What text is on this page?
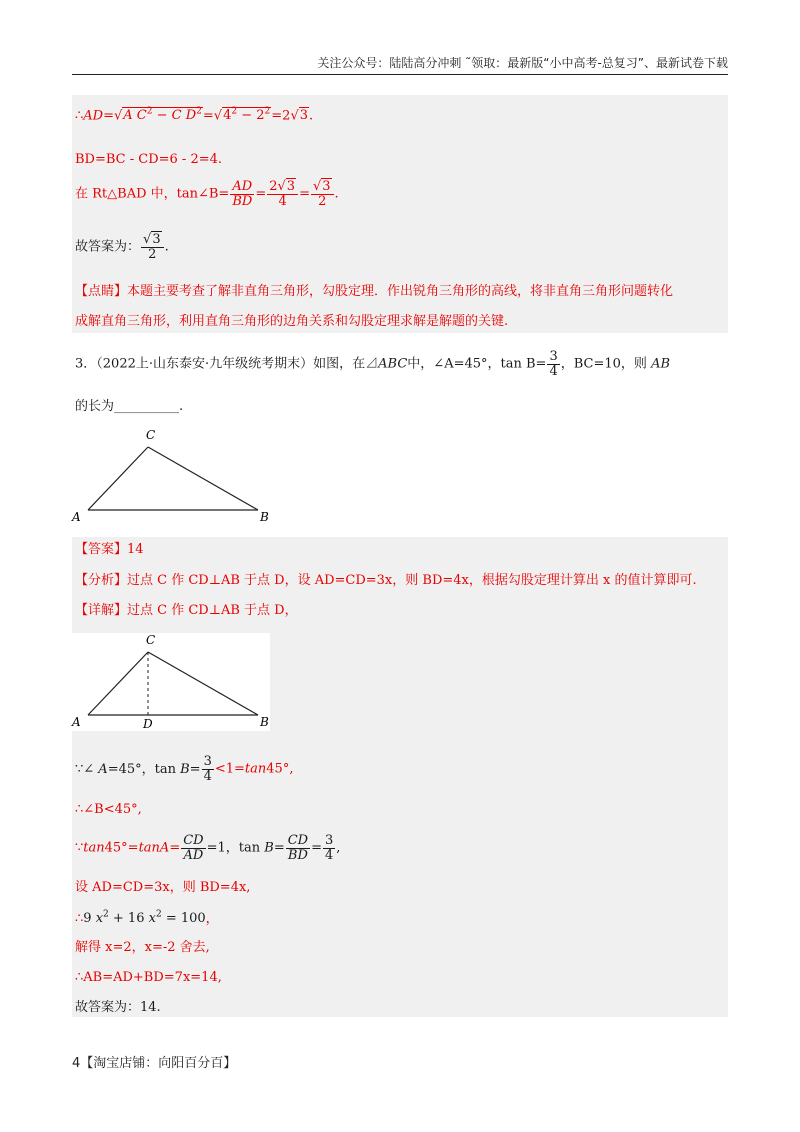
关注公众号：陆陆高分冲刺 ˜领取：最新版“小中高考-总复习”、最新试卷下载
∴AD=√A $C^2 - C$ $D^2=√4^2 - 2^2=2√3$.
BD=BC - CD=6 - 2=4.
在 Rt△BAD 中，tan∠B= $\frac{AD}{BD} = \frac{2√3}{4} = \frac{√3}{2}$ .
故答案为： $\frac{√3}{2}$ .
【点睛】本题主要考查了解非直角三角形，勾股定理．作出锐角三角形的高线，将非直角三角形问题转化
成解直角三角形，利用直角三角形的边角关系和勾股定理求解是解题的关键.
3．（2022上·山东泰安·九年级统考期末）如图，在⊿ABC中，∠A=45°，$\tan B= \frac{3}{4}$ ，BC=10，则 AB
的长为__________.
C
A	B
【答案】14
【分析】过点 C 作 CD⊥AB 于点 D，设 AD=CD=3x，则 BD=4x，根据勾股定理计算出 x 的值计算即可.
【详解】过点 C 作 CD⊥AB 于点 D，
C
A	B
D
∵∠ A=45°，$\tan B= \frac{3}{4} <1=\tan 45^\circ$,
∴∠B<45°,
∵tan45°=tanA= $\frac{CD}{AD} =1$，$\tan B= \frac{CD}{BD} = \frac{3}{4}$ ,
设 AD=CD=3x，则 BD=4x,
∴9 $x^2 + 16$ $x^2 = 100$，
解得 x=2，x=-2 舍去,
∴AB=AD+BD=7x=14,
故答案为：14.
4【淘宝店铺：向阳百分百】
